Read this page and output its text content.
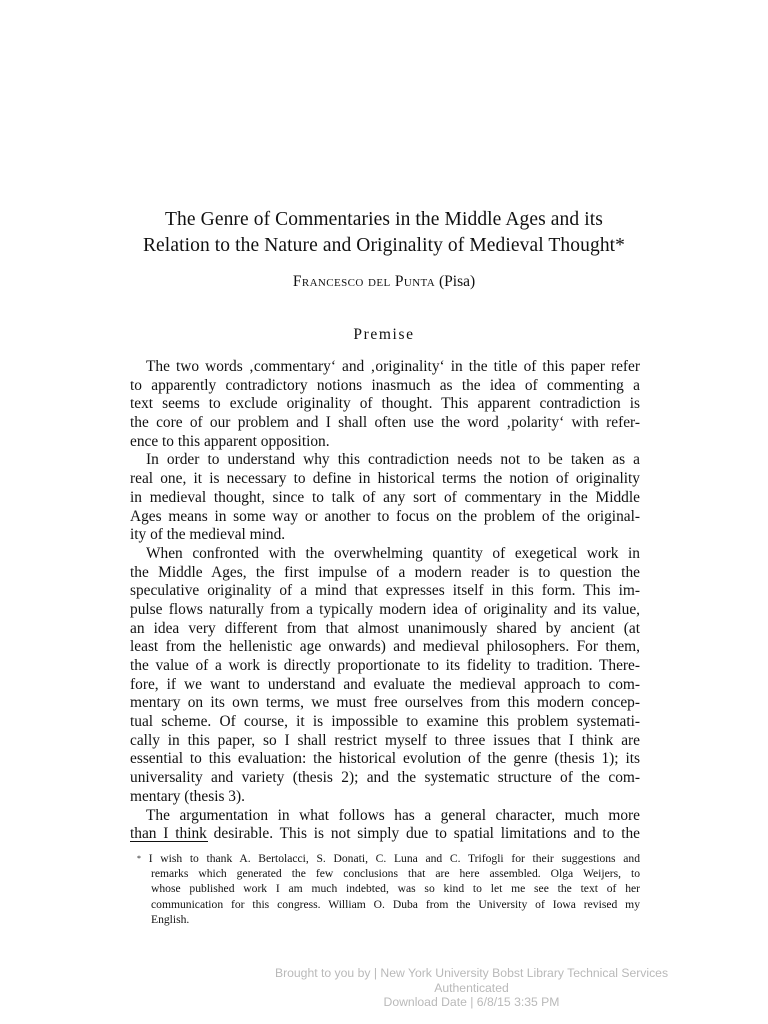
The Genre of Commentaries in the Middle Ages and its
Relation to the Nature and Originality of Medieval Thought*
Francesco del Punta (Pisa)
Premise
The two words ‚commentary‘ and ‚originality‘ in the title of this paper refer
to apparently contradictory notions inasmuch as the idea of commenting a
text seems to exclude originality of thought. This apparent contradiction is
the core of our problem and I shall often use the word ‚polarity‘ with refer-
ence to this apparent opposition.
In order to understand why this contradiction needs not to be taken as a
real one, it is necessary to define in historical terms the notion of originality
in medieval thought, since to talk of any sort of commentary in the Middle
Ages means in some way or another to focus on the problem of the original-
ity of the medieval mind.
When confronted with the overwhelming quantity of exegetical work in
the Middle Ages, the first impulse of a modern reader is to question the
speculative originality of a mind that expresses itself in this form. This im-
pulse flows naturally from a typically modern idea of originality and its value,
an idea very different from that almost unanimously shared by ancient (at
least from the hellenistic age onwards) and medieval philosophers. For them,
the value of a work is directly proportionate to its fidelity to tradition. There-
fore, if we want to understand and evaluate the medieval approach to com-
mentary on its own terms, we must free ourselves from this modern concep-
tual scheme. Of course, it is impossible to examine this problem systemati-
cally in this paper, so I shall restrict myself to three issues that I think are
essential to this evaluation: the historical evolution of the genre (thesis 1); its
universality and variety (thesis 2); and the systematic structure of the com-
mentary (thesis 3).
The argumentation in what follows has a general character, much more
than I think desirable. This is not simply due to spatial limitations and to the
* I wish to thank A. Bertolacci, S. Donati, C. Luna and C. Trifogli for their suggestions and
remarks which generated the few conclusions that are here assembled. Olga Weijers, to
whose published work I am much indebted, was so kind to let me see the text of her
communication for this congress. William O. Duba from the University of Iowa revised my
English.
Brought to you by | New York University Bobst Library Technical Services
Authenticated
Download Date | 6/8/15 3:35 PM
